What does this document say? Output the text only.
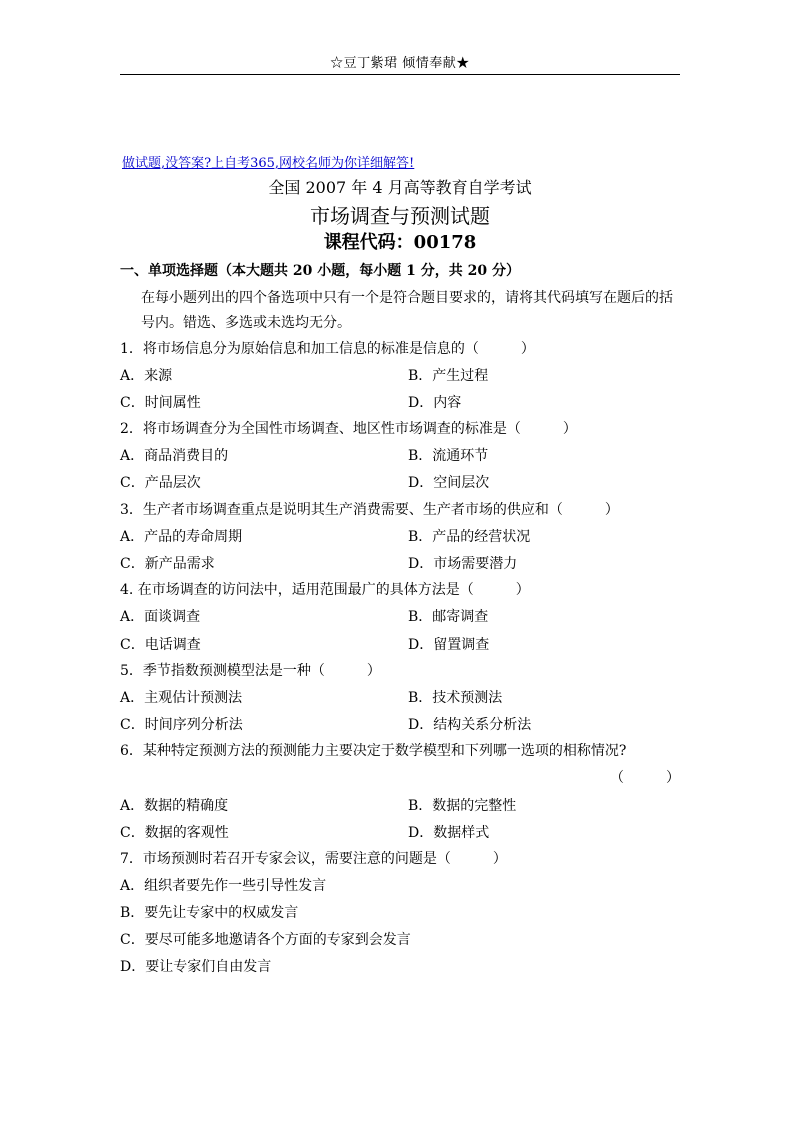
☆豆丁紫珺 倾情奉献★
做试题,没答案?上自考365,网校名师为你详细解答!
全国 2007 年 4 月高等教育自学考试
市场调查与预测试题
课程代码：00178
一、单项选择题（本大题共 20 小题，每小题 1 分，共 20 分）
在每小题列出的四个备选项中只有一个是符合题目要求的，请将其代码填写在题后的括
号内。错选、多选或未选均无分。
1．将市场信息分为原始信息和加工信息的标准是信息的（　　　）
A．来源	B．产生过程
C．时间属性	D．内容
2．将市场调查分为全国性市场调查、地区性市场调查的标准是（　　　）
A．商品消费目的	B．流通环节
C．产品层次	D．空间层次
3．生产者市场调查重点是说明其生产消费需要、生产者市场的供应和（　　　）
A．产品的寿命周期	B．产品的经营状况
C．新产品需求	D．市场需要潜力
4. 在市场调查的访问法中，适用范围最广的具体方法是（　　　）
A．面谈调查	B．邮寄调查
C．电话调查	D．留置调查
5．季节指数预测模型法是一种（　　　）
A．主观估计预测法	B．技术预测法
C．时间序列分析法	D．结构关系分析法
6．某种特定预测方法的预测能力主要决定于数学模型和下列哪一选项的相称情况?
（　　　）
A．数据的精确度	B．数据的完整性
C．数据的客观性	D．数据样式
7．市场预测时若召开专家会议，需要注意的问题是（　　　）
A．组织者要先作一些引导性发言
B．要先让专家中的权威发言
C．要尽可能多地邀请各个方面的专家到会发言
D．要让专家们自由发言
